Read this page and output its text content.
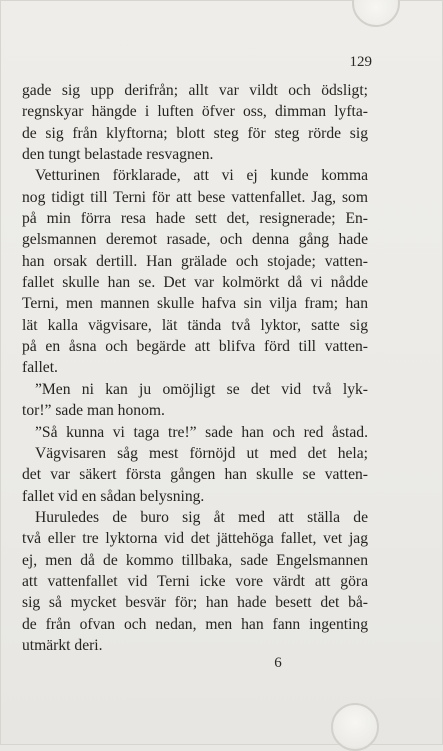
129
gade sig upp derifrån; allt var vildt och ödsligt;
regnskyar hängde i luften öfver oss, dimman lyfta-
de sig från klyftorna; blott steg för steg rörde sig
den tungt belastade resvagnen.
Vetturinen förklarade, att vi ej kunde komma
nog tidigt till Terni för att bese vattenfallet. Jag, som
på min förra resa hade sett det, resignerade; En-
gelsmannen deremot rasade, och denna gång hade
han orsak dertill. Han grälade och stojade; vatten-
fallet skulle han se. Det var kolmörkt då vi nådde
Terni, men mannen skulle hafva sin vilja fram; han
lät kalla vägvisare, lät tända två lyktor, satte sig
på en åsna och begärde att blifva förd till vatten-
fallet.
”Men ni kan ju omöjligt se det vid två lyk-
tor!” sade man honom.
”Så kunna vi taga tre!” sade han och red åstad.
Vägvisaren såg mest förnöjd ut med det hela;
det var säkert första gången han skulle se vatten-
fallet vid en sådan belysning.
Huruledes de buro sig åt med att ställa de
två eller tre lyktorna vid det jättehöga fallet, vet jag
ej, men då de kommo tillbaka, sade Engelsmannen
att vattenfallet vid Terni icke vore värdt att göra
sig så mycket besvär för; han hade besett det bå-
de från ofvan och nedan, men han fann ingenting
utmärkt deri.
6
